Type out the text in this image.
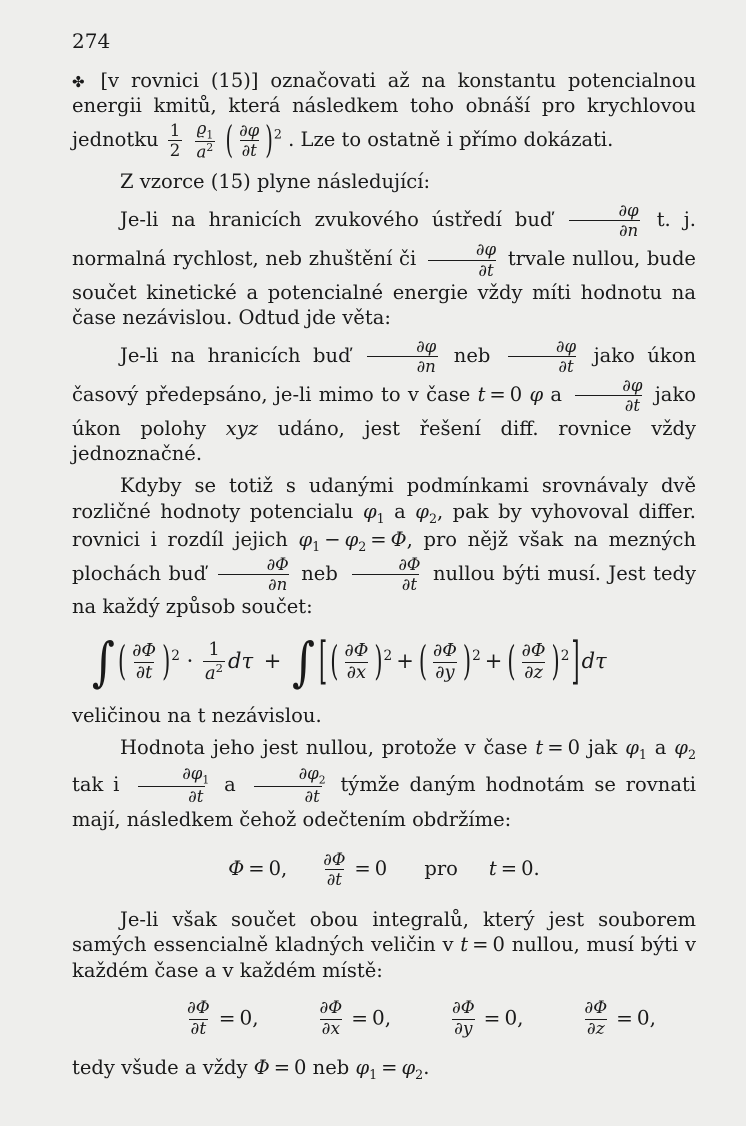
274

✤ [v rovnici (15)] označovati až na konstantu potencialnou energii kmitů, která následkem toho obnáší pro krychlovou jednotku $\frac{1}{2}$
$\frac{ϱ_1}{a^2}$ ( $\frac{\partial\varphi}{\partial t} )^2$ . Lze to ostatně i přímo dokázati.

Z vzorce (15) plyne následující:

Je-li na hranicích zvukového ústředí buď $\frac{\partial\varphi}{\partial n} t$. j. normalná rychlost, neb zhuštění či $\frac{\partial\varphi}{\partial t}$ trvale nullou, bude součet kinetické a potencialné energie vždy míti hodnotu na čase nezávislou. Odtud jde věta:

Je-li na hranicích buď $\frac{\partial\varphi}{\partial n}$ neb $\frac{\partial\varphi}{\partial t}$ jako úkon časový předepsáno, je-li mimo to v čase t = 0 φ a $\frac{\partial\varphi}{\partial t}$ jako úkon polohy xyz udáno, jest řešení diff. rovnice vždy jednoznačné.

Kdyby se totiž s udanými podmínkami srovnávaly dvě rozličné hodnoty potencialu $\varphi_1$ a $\varphi_2$, pak by vyhovoval differ. rovnici i rozdíl jejich $\varphi_1 - \varphi_2 = \Phi$, pro nějž však na mezných plochách buď $\frac{\partial\Phi}{\partial n}$ neb $\frac{\partial\Phi}{\partial t}$ nullou býti musí. Jest tedy na každý způsob součet:

∫ ( $\frac{\partial\Phi}{\partial t} )^2 \cdot \frac{1}{a^2}$ dτ + ∫ [ ( $\frac{\partial\Phi}{\partial x} )^2$ + ( $\frac{\partial\Phi}{\partial y} )^2$ + ( $\frac{\partial\Phi}{\partial z} )^2]d\tau$

veličinou na t nezávislou.

Hodnota jeho jest nullou, protože v čase t = 0 jak $\varphi_1$ a $\varphi_2$ tak i $\frac{\partial\varphi_1}{\partial t}$ a $\frac{\partial\varphi_2}{\partial t}$ týmže daným hodnotám se rovnati mají, následkem čehož odečtením obdržíme:

Φ = 0, $\frac{\partial\Phi}{\partial t} = 0$      pro t = 0.

Je-li však součet obou integralů, který jest souborem samých essencialně kladných veličin v t = 0 nullou, musí býti v každém čase a v každém místě:

$\frac{\partial\Phi}{\partial t} = 0$,	$\frac{\partial\Phi}{\partial x} = 0$,	$\frac{\partial\Phi}{\partial y} = 0$,	$\frac{\partial\Phi}{\partial z} = 0$,

tedy všude a vždy Φ = 0 neb $\varphi_1 = \varphi_2$.
